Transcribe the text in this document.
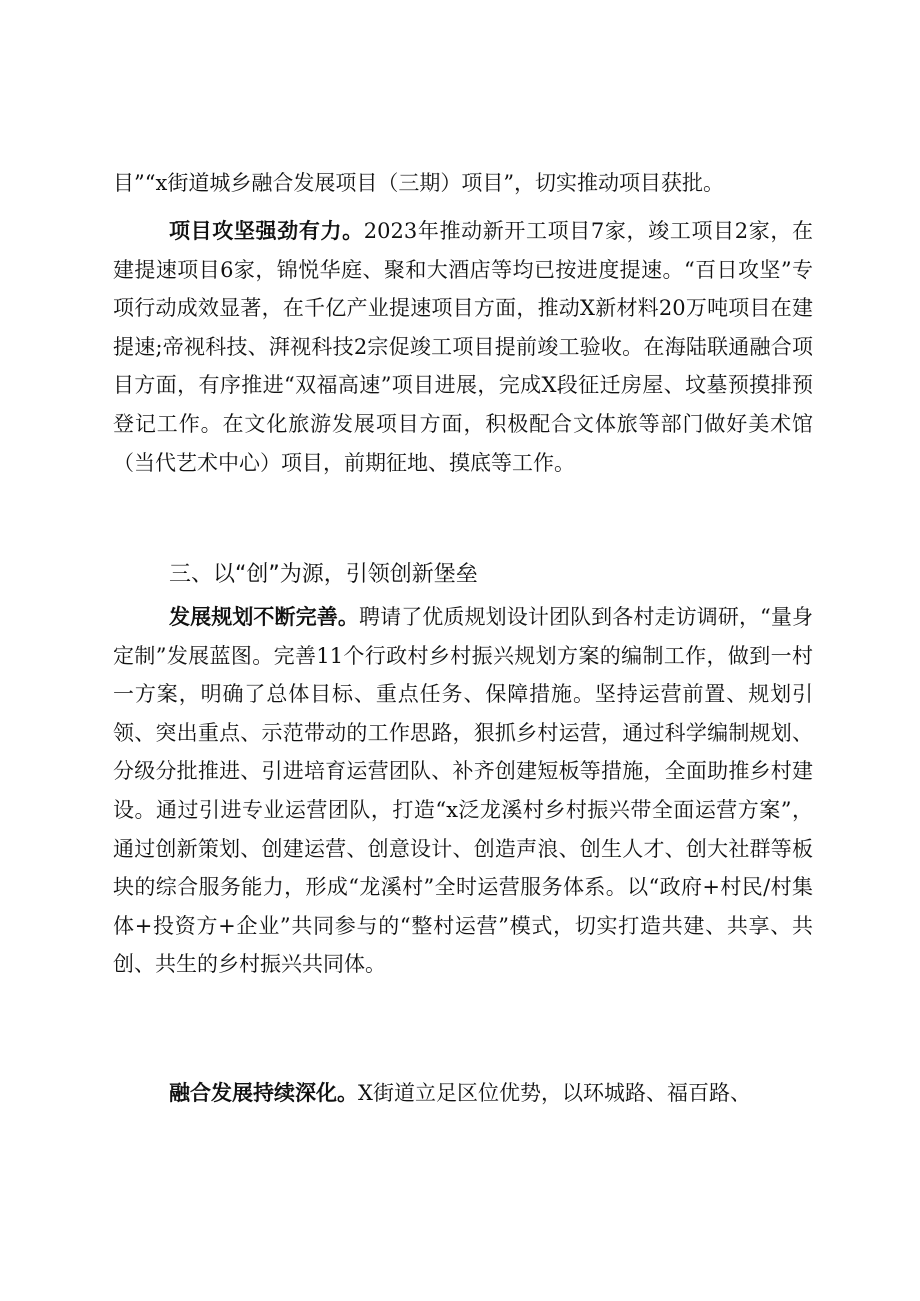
目”“x街道城乡融合发展项目（三期）项目”，切实推动项目获批。

项目攻坚强劲有力。2023年推动新开工项目7家，竣工项目2家，在建提速项目6家，锦悦华庭、聚和大酒店等均已按进度提速。“百日攻坚”专项行动成效显著，在千亿产业提速项目方面，推动X新材料20万吨项目在建提速;帝视科技、湃视科技2宗促竣工项目提前竣工验收。在海陆联通融合项目方面，有序推进“双福高速”项目进展，完成X段征迁房屋、坟墓预摸排预登记工作。在文化旅游发展项目方面，积极配合文体旅等部门做好美术馆（当代艺术中心）项目，前期征地、摸底等工作。

三、以“创”为源，引领创新堡垒

发展规划不断完善。聘请了优质规划设计团队到各村走访调研，“量身定制”发展蓝图。完善11个行政村乡村振兴规划方案的编制工作，做到一村一方案，明确了总体目标、重点任务、保障措施。坚持运营前置、规划引领、突出重点、示范带动的工作思路，狠抓乡村运营，通过科学编制规划、分级分批推进、引进培育运营团队、补齐创建短板等措施，全面助推乡村建设。通过引进专业运营团队，打造“x泛龙溪村乡村振兴带全面运营方案”，通过创新策划、创建运营、创意设计、创造声浪、创生人才、创大社群等板块的综合服务能力，形成“龙溪村”全时运营服务体系。以“政府+村民/村集体+投资方+企业”共同参与的“整村运营”模式，切实打造共建、共享、共创、共生的乡村振兴共同体。

融合发展持续深化。X街道立足区位优势，以环城路、福百路、
